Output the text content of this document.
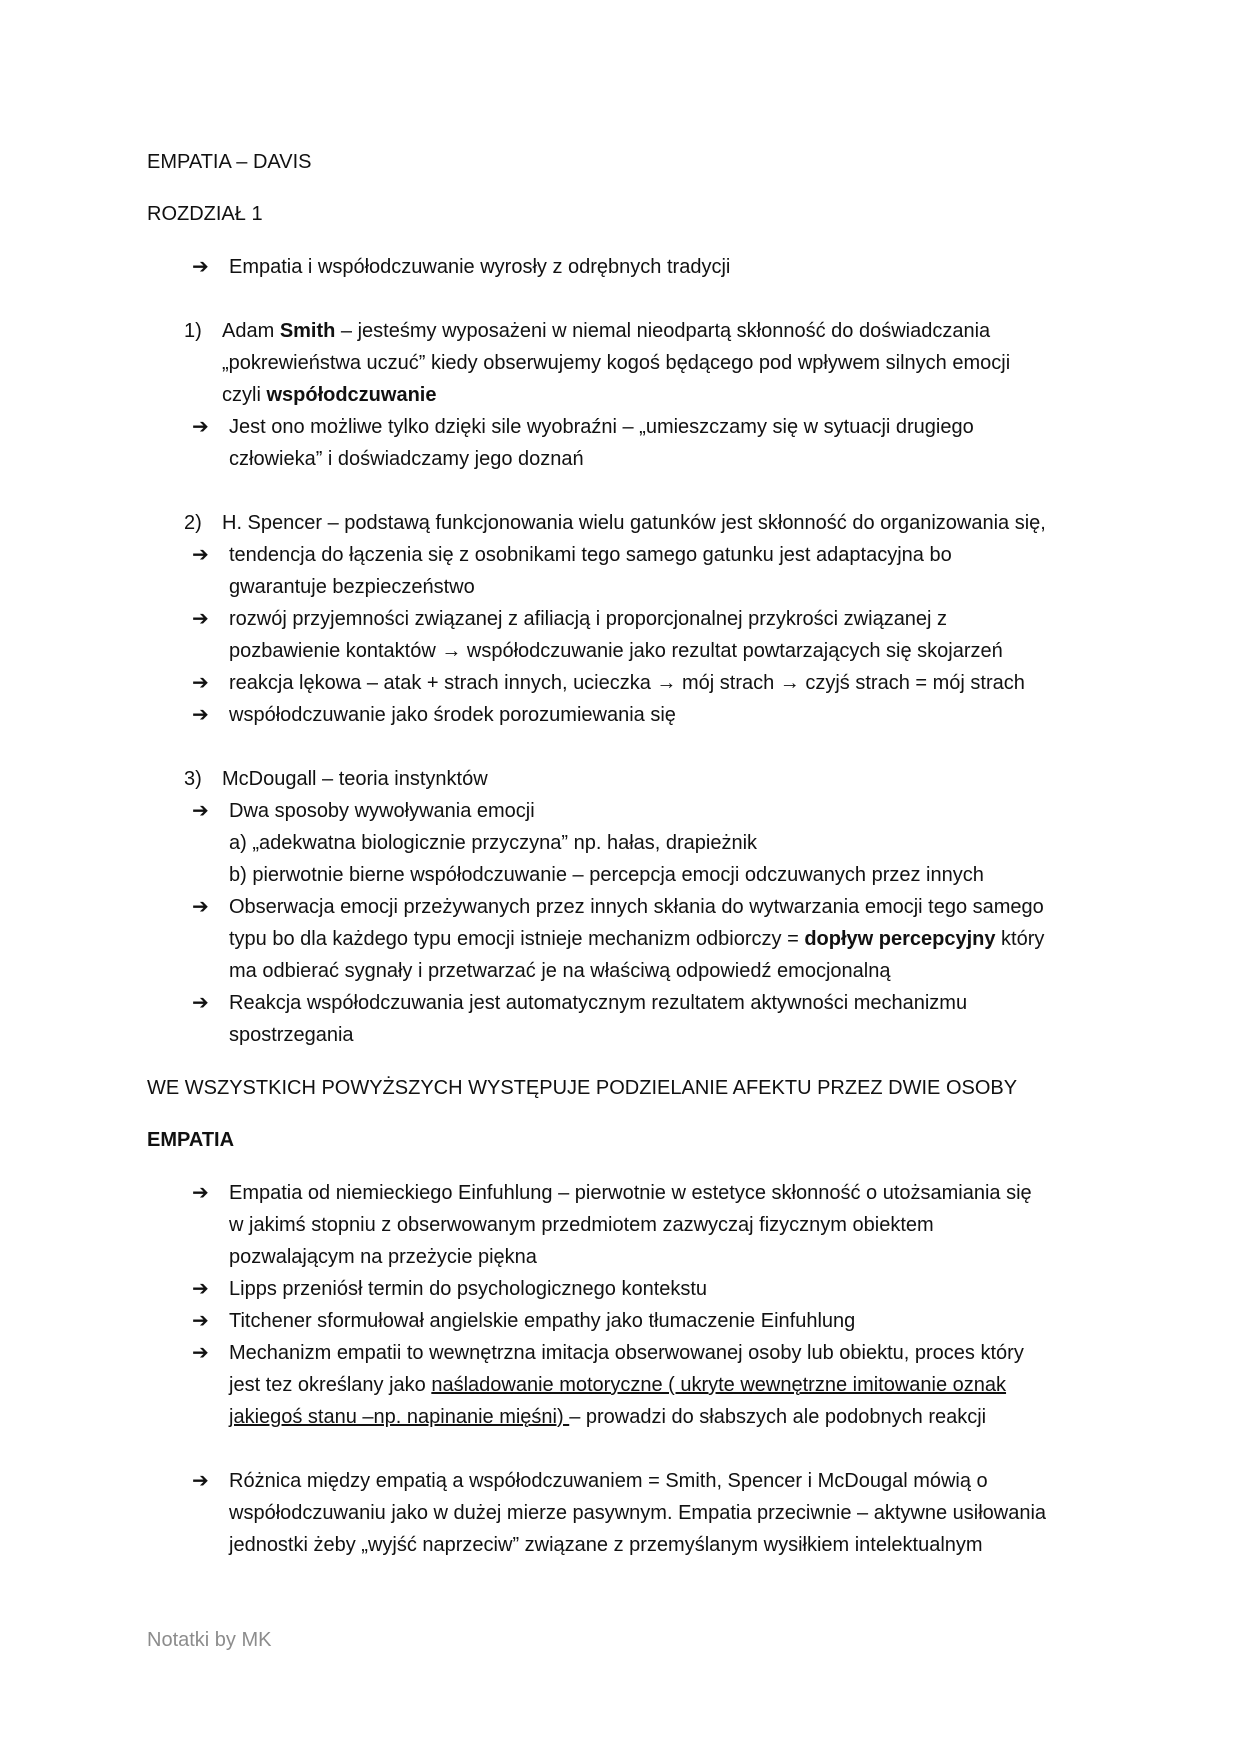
EMPATIA – DAVIS
ROZDZIAŁ 1
➔ Empatia i współodczuwanie wyrosły z odrębnych tradycji
1) Adam Smith – jesteśmy wyposażeni w niemal nieodpartą skłonność do doświadczania
„pokrewieństwa uczuć” kiedy obserwujemy kogoś będącego pod wpływem silnych emocji
czyli współodczuwanie
➔ Jest ono możliwe tylko dzięki sile wyobraźni – „umieszczamy się w sytuacji drugiego
człowieka” i doświadczamy jego doznań
2) H. Spencer – podstawą funkcjonowania wielu gatunków jest skłonność do organizowania się,
➔ tendencja do łączenia się z osobnikami tego samego gatunku jest adaptacyjna bo
gwarantuje bezpieczeństwo
➔ rozwój przyjemności związanej z afiliacją i proporcjonalnej przykrości związanej z
pozbawienie kontaktów → współodczuwanie jako rezultat powtarzających się skojarzeń
➔ reakcja lękowa – atak + strach innych, ucieczka → mój strach → czyjś strach = mój strach
➔ współodczuwanie jako środek porozumiewania się
3) McDougall – teoria instynktów
➔ Dwa sposoby wywoływania emocji
a) „adekwatna biologicznie przyczyna” np. hałas, drapieżnik
b) pierwotnie bierne współodczuwanie – percepcja emocji odczuwanych przez innych
➔ Obserwacja emocji przeżywanych przez innych skłania do wytwarzania emocji tego samego
typu bo dla każdego typu emocji istnieje mechanizm odbiorczy = dopływ percepcyjny który
ma odbierać sygnały i przetwarzać je na właściwą odpowiedź emocjonalną
➔ Reakcja współodczuwania jest automatycznym rezultatem aktywności mechanizmu
spostrzegania
WE WSZYSTKICH POWYŻSZYCH WYSTĘPUJE PODZIELANIE AFEKTU PRZEZ DWIE OSOBY
EMPATIA
➔ Empatia od niemieckiego Einfuhlung – pierwotnie w estetyce skłonność o utożsamiania się
w jakimś stopniu z obserwowanym przedmiotem zazwyczaj fizycznym obiektem
pozwalającym na przeżycie piękna
➔ Lipps przeniósł termin do psychologicznego kontekstu
➔ Titchener sformułował angielskie empathy jako tłumaczenie Einfuhlung
➔ Mechanizm empatii to wewnętrzna imitacja obserwowanej osoby lub obiektu, proces który
jest tez określany jako naśladowanie motoryczne ( ukryte wewnętrzne imitowanie oznak
jakiegoś stanu –np. napinanie mięśni) – prowadzi do słabszych ale podobnych reakcji
➔ Różnica między empatią a współodczuwaniem = Smith, Spencer i McDougal mówią o
współodczuwaniu jako w dużej mierze pasywnym. Empatia przeciwnie – aktywne usiłowania
jednostki żeby „wyjść naprzeciw” związane z przemyślanym wysiłkiem intelektualnym
Notatki by MK
